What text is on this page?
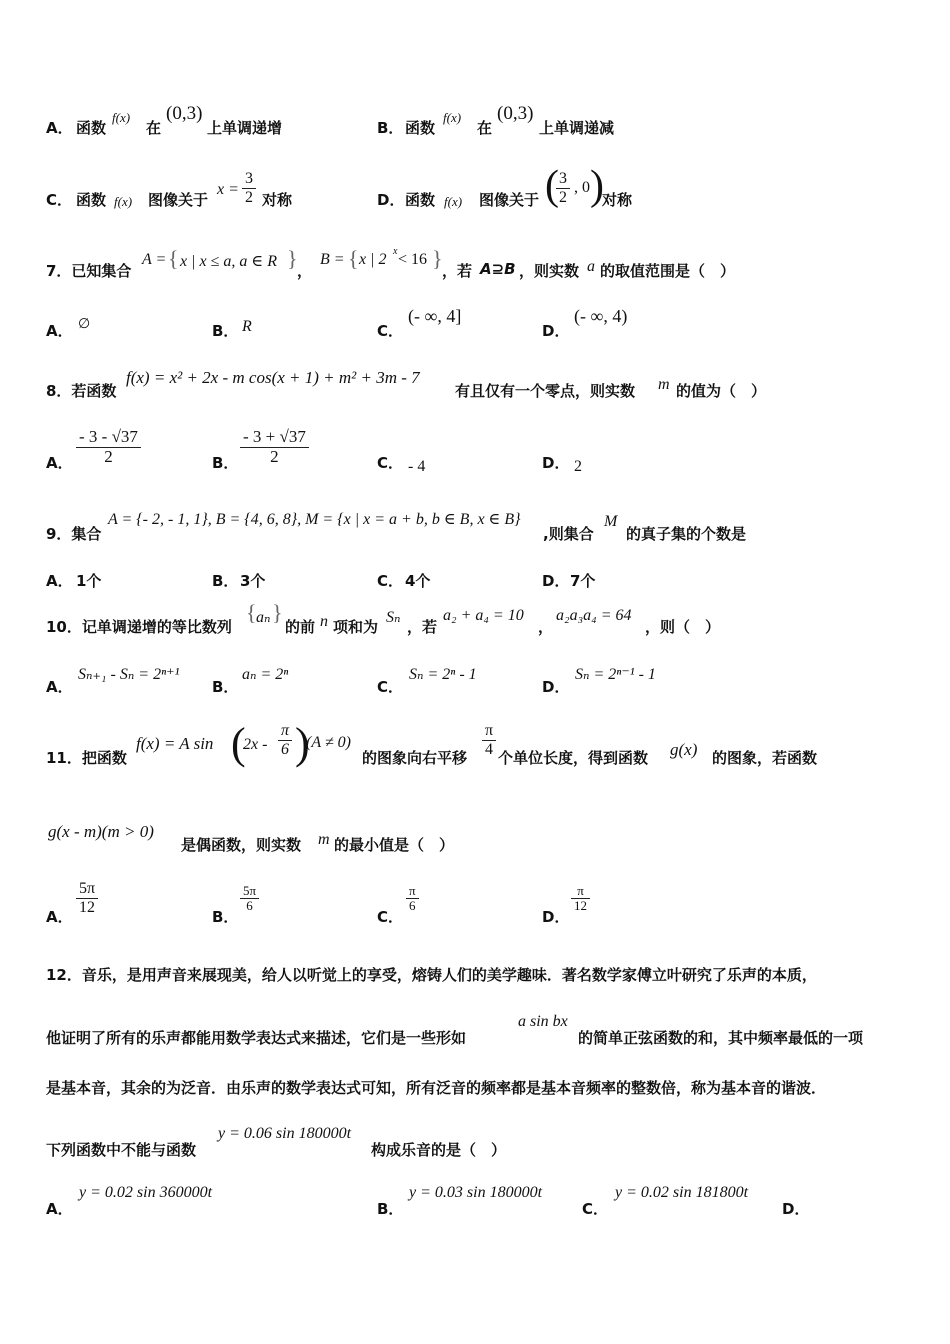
A． 函数
f(x)
在
(0,3)
上单调递增	B． 函数
f(x)
在
(0,3)
上单调递减
C． 函数 f(x) 图像关于
$x = \frac{3}{2}$ 对称	D． 函数 f(x) 图像关于 (
$\frac{3}{2}$ , 0 )
对称
7．已知集合
A = { x | x ≤ a, a ∈ R } ，
B = { x | 2 x < 16 } ，若 A⊇B ，则实数 a 的取值范围是（　）
A． ∅	B． R	C．
(- ∞, 4]
D．
(- ∞, 4)
8．若函数
f(x) = x² + 2x - m cos(x + 1) + m² + 3m - 7
有且仅有一个零点，则实数 m 的值为（　）
A． $\frac{- 3 - √37}{2}$	B． $\frac{- 3 + √37}{2}$	C． - 4	D． 2
9．集合
A = {- 2, - 1, 1}, B = {4, 6, 8}, M = {x | x = a + b, b ∈ B, x ∈ B}
,则集合
M
的真子集的个数是
A． 1个	B． 3个	C． 4个	D． 7个
10．记单调递增的等比数列
{ aₙ }
的前 n 项和为
Sₙ
，若
a₂ + a₄ = 10
，
a₂a₃a₄ = 64
，则（　）
A．
Sₙ₊₁ - Sₙ = 2ⁿ⁺¹
B．
aₙ = 2ⁿ
C．
Sₙ = 2ⁿ - 1
D．
Sₙ = 2ⁿ⁻¹ - 1
11．把函数
f(x) = A sin (
$2x - \frac{\pi}{6}$ )
(A ≠ 0)
的图象向右平移 $\frac{\pi}{4}$ 个单位长度，得到函数 g(x) 的图象，若函数
g(x - m)(m > 0)
是偶函数，则实数 m 的最小值是（　）
A．
$\frac{5\pi}{12}$
B．
$\frac{5\pi}{6}$
C．
$\frac{\pi}{6}$
D．
$\frac{\pi}{12}$
12．音乐，是用声音来展现美，给人以听觉上的享受，熔铸人们的美学趣味．著名数学家傅立叶研究了乐声的本质，
他证明了所有的乐声都能用数学表达式来描述，它们是一些形如
a sin bx
的简单正弦函数的和，其中频率最低的一项
是基本音，其余的为泛音．由乐声的数学表达式可知，所有泛音的频率都是基本音频率的整数倍，称为基本音的谐波．
下列函数中不能与函数
y = 0.06 sin 180000t
构成乐音的是（　）
A．
y = 0.02 sin 360000t
B．
y = 0.03 sin 180000t
C．
y = 0.02 sin 181800t
D．
